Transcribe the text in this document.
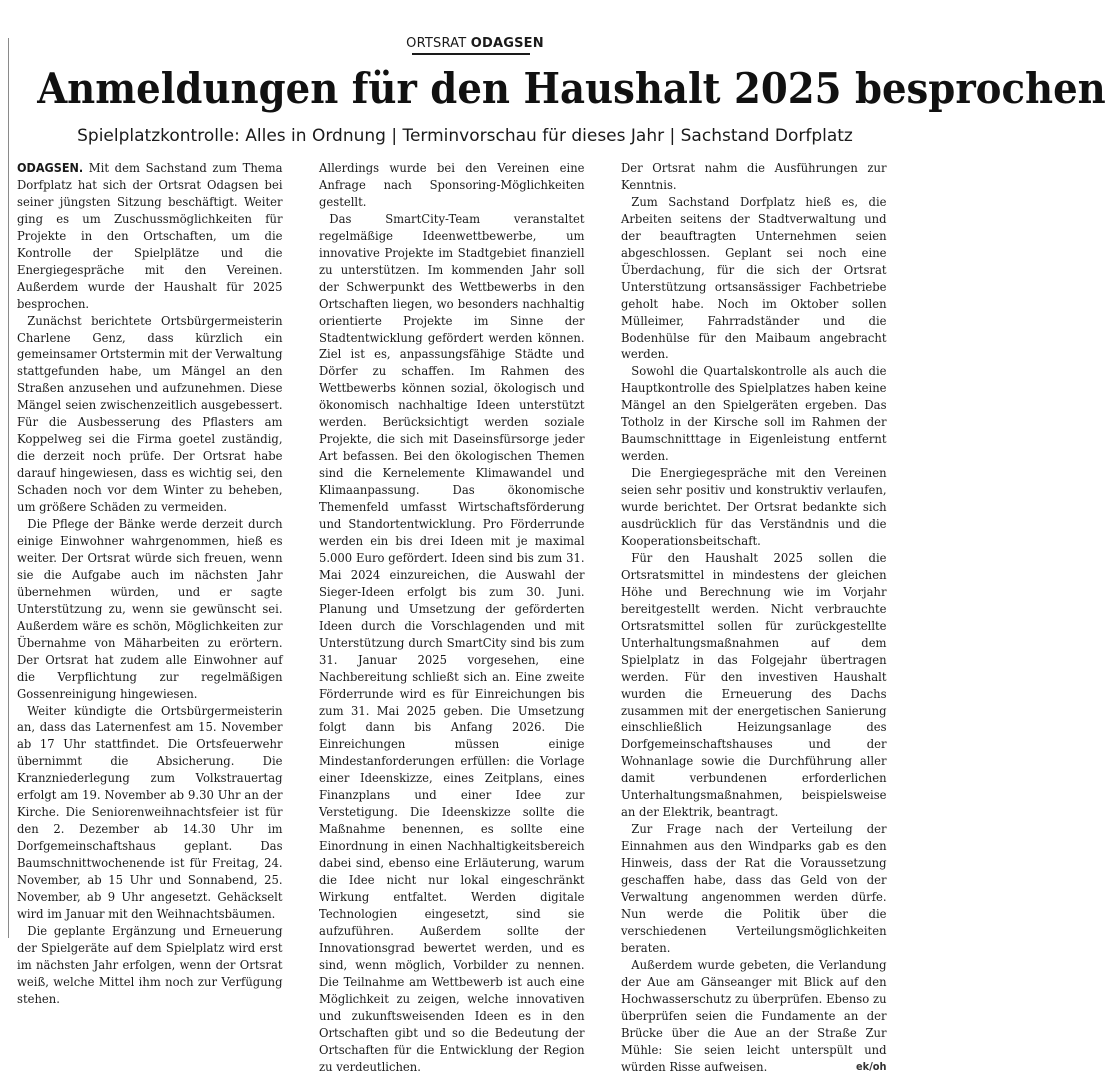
ORTSRAT ODAGSEN
Anmeldungen für den Haushalt 2025 besprochen
Spielplatzkontrolle: Alles in Ordnung | Terminvorschau für dieses Jahr | Sachstand Dorfplatz

ODAGSEN. Mit dem Sachstand zum Thema Dorfplatz hat sich der Ortsrat Odagsen bei seiner jüngsten Sitzung beschäftigt. Weiter ging es um Zuschussmöglichkeiten für Projekte in den Ortschaften, um die Kontrolle der Spielplätze und die Energiegespräche mit den Vereinen. Außerdem wurde der Haushalt für 2025 besprochen.

Zunächst berichtete Ortsbürgermeisterin Charlene Genz, dass kürzlich ein gemeinsamer Ortstermin mit der Verwaltung stattgefunden habe, um Mängel an den Straßen anzusehen und aufzunehmen. Diese Mängel seien zwischenzeitlich ausgebessert. Für die Ausbesserung des Pflasters am Koppelweg sei die Firma goetel zuständig, die derzeit noch prüfe. Der Ortsrat habe darauf hingewiesen, dass es wichtig sei, den Schaden noch vor dem Winter zu beheben, um größere Schäden zu vermeiden.

Die Pflege der Bänke werde derzeit durch einige Einwohner wahrgenommen, hieß es weiter. Der Ortsrat würde sich freuen, wenn sie die Aufgabe auch im nächsten Jahr übernehmen würden, und er sagte Unterstützung zu, wenn sie gewünscht sei. Außerdem wäre es schön, Möglichkeiten zur Übernahme von Mäharbeiten zu erörtern. Der Ortsrat hat zudem alle Einwohner auf die Verpflichtung zur regelmäßigen Gossenreinigung hingewiesen.

Weiter kündigte die Ortsbürgermeisterin an, dass das Laternenfest am 15. November ab 17 Uhr stattfindet. Die Ortsfeuerwehr übernimmt die Absicherung. Die Kranzniederlegung zum Volkstrauertag erfolgt am 19. November ab 9.30 Uhr an der Kirche. Die Seniorenweihnachtsfeier ist für den 2. Dezember ab 14.30 Uhr im Dorfgemeinschaftshaus geplant. Das Baumschnittwochenende ist für Freitag, 24. November, ab 15 Uhr und Sonnabend, 25. November, ab 9 Uhr angesetzt. Gehäckselt wird im Januar mit den Weihnachtsbäumen.

Die geplante Ergänzung und Erneuerung der Spielgeräte auf dem Spielplatz wird erst im nächsten Jahr erfolgen, wenn der Ortsrat weiß, welche Mittel ihm noch zur Verfügung stehen.

Allerdings wurde bei den Vereinen eine Anfrage nach Sponsoring-Möglichkeiten gestellt.

Das SmartCity-Team veranstaltet regelmäßige Ideenwettbewerbe, um innovative Projekte im Stadtgebiet finanziell zu unterstützen. Im kommenden Jahr soll der Schwerpunkt des Wettbewerbs in den Ortschaften liegen, wo besonders nachhaltig orientierte Projekte im Sinne der Stadtentwicklung gefördert werden können. Ziel ist es, anpassungsfähige Städte und Dörfer zu schaffen. Im Rahmen des Wettbewerbs können sozial, ökologisch und ökonomisch nachhaltige Ideen unterstützt werden. Berücksichtigt werden soziale Projekte, die sich mit Daseinsfürsorge jeder Art befassen. Bei den ökologischen Themen sind die Kernelemente Klimawandel und Klimaanpassung. Das ökonomische Themenfeld umfasst Wirtschaftsförderung und Standortentwicklung. Pro Förderrunde werden ein bis drei Ideen mit je maximal 5.000 Euro gefördert. Ideen sind bis zum 31. Mai 2024 einzureichen, die Auswahl der Sieger-Ideen erfolgt bis zum 30. Juni. Planung und Umsetzung der geförderten Ideen durch die Vorschlagenden und mit Unterstützung durch SmartCity sind bis zum 31. Januar 2025 vorgesehen, eine Nachbereitung schließt sich an. Eine zweite Förderrunde wird es für Einreichungen bis zum 31. Mai 2025 geben. Die Umsetzung folgt dann bis Anfang 2026. Die Einreichungen müssen einige Mindestanforderungen erfüllen: die Vorlage einer Ideenskizze, eines Zeitplans, eines Finanzplans und einer Idee zur Verstetigung. Die Ideenskizze sollte die Maßnahme benennen, es sollte eine Einordnung in einen Nachhaltigkeitsbereich dabei sind, ebenso eine Erläuterung, warum die Idee nicht nur lokal eingeschränkt Wirkung entfaltet. Werden digitale Technologien eingesetzt, sind sie aufzuführen. Außerdem sollte der Innovationsgrad bewertet werden, und es sind, wenn möglich, Vorbilder zu nennen. Die Teilnahme am Wettbewerb ist auch eine Möglichkeit zu zeigen, welche innovativen und zukunftsweisenden Ideen es in den Ortschaften gibt und so die Bedeutung der Ortschaften für die Entwicklung der Region zu verdeutlichen.

Der Ortsrat nahm die Ausführungen zur Kenntnis.

Zum Sachstand Dorfplatz hieß es, die Arbeiten seitens der Stadtverwaltung und der beauftragten Unternehmen seien abgeschlossen. Geplant sei noch eine Überdachung, für die sich der Ortsrat Unterstützung ortsansässiger Fachbetriebe geholt habe. Noch im Oktober sollen Mülleimer, Fahrradständer und die Bodenhülse für den Maibaum angebracht werden.

Sowohl die Quartalskontrolle als auch die Hauptkontrolle des Spielplatzes haben keine Mängel an den Spielgeräten ergeben. Das Totholz in der Kirsche soll im Rahmen der Baumschnitttage in Eigenleistung entfernt werden.

Die Energiegespräche mit den Vereinen seien sehr positiv und konstruktiv verlaufen, wurde berichtet. Der Ortsrat bedankte sich ausdrücklich für das Verständnis und die Kooperationsbeitschaft.

Für den Haushalt 2025 sollen die Ortsratsmittel in mindestens der gleichen Höhe und Berechnung wie im Vorjahr bereitgestellt werden. Nicht verbrauchte Ortsratsmittel sollen für zurückgestellte Unterhaltungsmaßnahmen auf dem Spielplatz in das Folgejahr übertragen werden. Für den investiven Haushalt wurden die Erneuerung des Dachs zusammen mit der energetischen Sanierung einschließlich Heizungsanlage des Dorfgemeinschaftshauses und der Wohnanlage sowie die Durchführung aller damit verbundenen erforderlichen Unterhaltungsmaßnahmen, beispielsweise an der Elektrik, beantragt.

Zur Frage nach der Verteilung der Einnahmen aus den Windparks gab es den Hinweis, dass der Rat die Voraussetzung geschaffen habe, dass das Geld von der Verwaltung angenommen werden dürfe. Nun werde die Politik über die verschiedenen Verteilungsmöglichkeiten beraten.

Außerdem wurde gebeten, die Verlandung der Aue am Gänseanger mit Blick auf den Hochwasserschutz zu überprüfen. Ebenso zu überprüfen seien die Fundamente an der Brücke über die Aue an der Straße Zur Mühle: Sie seien leicht unterspült und würden Risse aufweisen.	ek/oh
